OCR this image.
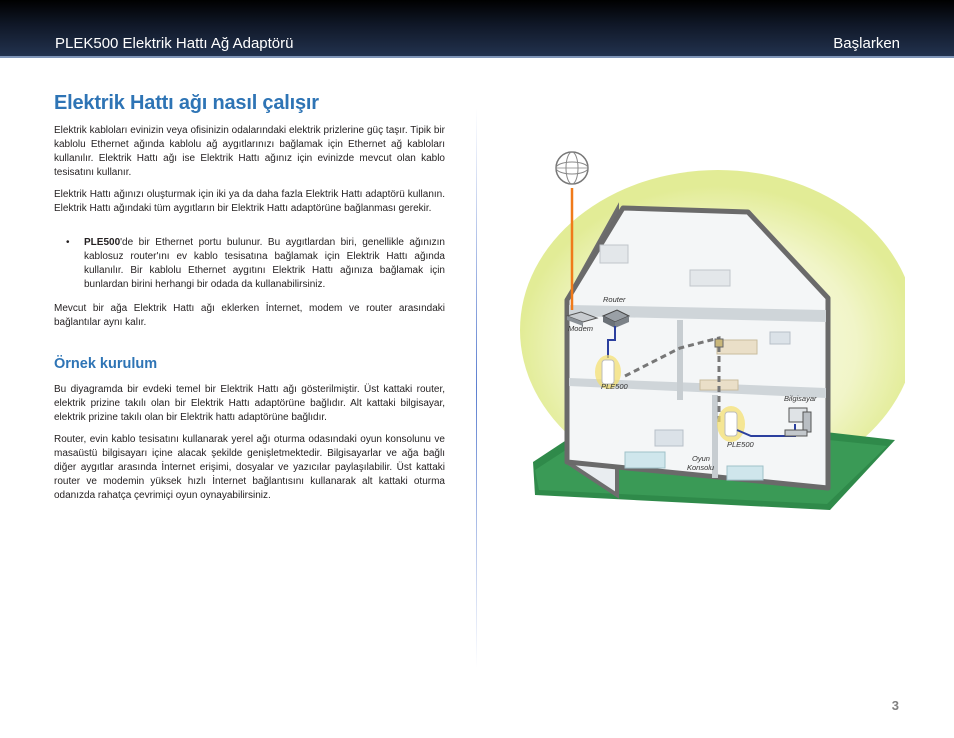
PLEK500 Elektrik Hattı Ağ Adaptörü	Başlarken
Elektrik Hattı ağı nasıl çalışır
Elektrik kabloları evinizin veya ofisinizin odalarındaki elektrik prizlerine güç taşır. Tipik bir kablolu Ethernet ağında kablolu ağ aygıtlarınızı bağlamak için Ethernet ağ kabloları kullanılır. Elektrik Hattı ağı ise Elektrik Hattı ağınız için evinizde mevcut olan kablo tesisatını kullanır.
Elektrik Hattı ağınızı oluşturmak için iki ya da daha fazla Elektrik Hattı adaptörü kullanın. Elektrik Hattı ağındaki tüm aygıtların bir Elektrik Hattı adaptörüne bağlanması gerekir.
• PLE500'de bir Ethernet portu bulunur. Bu aygıtlardan biri, genellikle ağınızın kablosuz router'ını ev kablo tesisatına bağlamak için Elektrik Hattı ağında kullanılır. Bir kablolu Ethernet aygıtını Elektrik Hattı ağınıza bağlamak için bunlardan birini herhangi bir odada da kullanabilirsiniz.
Mevcut bir ağa Elektrik Hattı ağı eklerken İnternet, modem ve router arasındaki bağlantılar aynı kalır.
Örnek kurulum
Bu diyagramda bir evdeki temel bir Elektrik Hattı ağı gösterilmiştir. Üst kattaki router, elektrik prizine takılı olan bir Elektrik Hattı adaptörüne bağlıdır. Alt kattaki bilgisayar, elektrik prizine takılı olan bir Elektrik hattı adaptörüne bağlıdır.
Router, evin kablo tesisatını kullanarak yerel ağı oturma odasındaki oyun konsolunu ve masaüstü bilgisayarı içine alacak şekilde genişletmektedir. Bilgisayarlar ve ağa bağlı diğer aygıtlar arasında İnternet erişimi, dosyalar ve yazıcılar paylaşılabilir. Üst kattaki router ve modemin yüksek hızlı İnternet bağlantısını kullanarak alt kattaki oturma odanızda rahatça çevrimiçi oyun oynayabilirsiniz.
Router
Modem
PLE500
Bilgisayar
PLE500
Oyun
Konsolu
3
